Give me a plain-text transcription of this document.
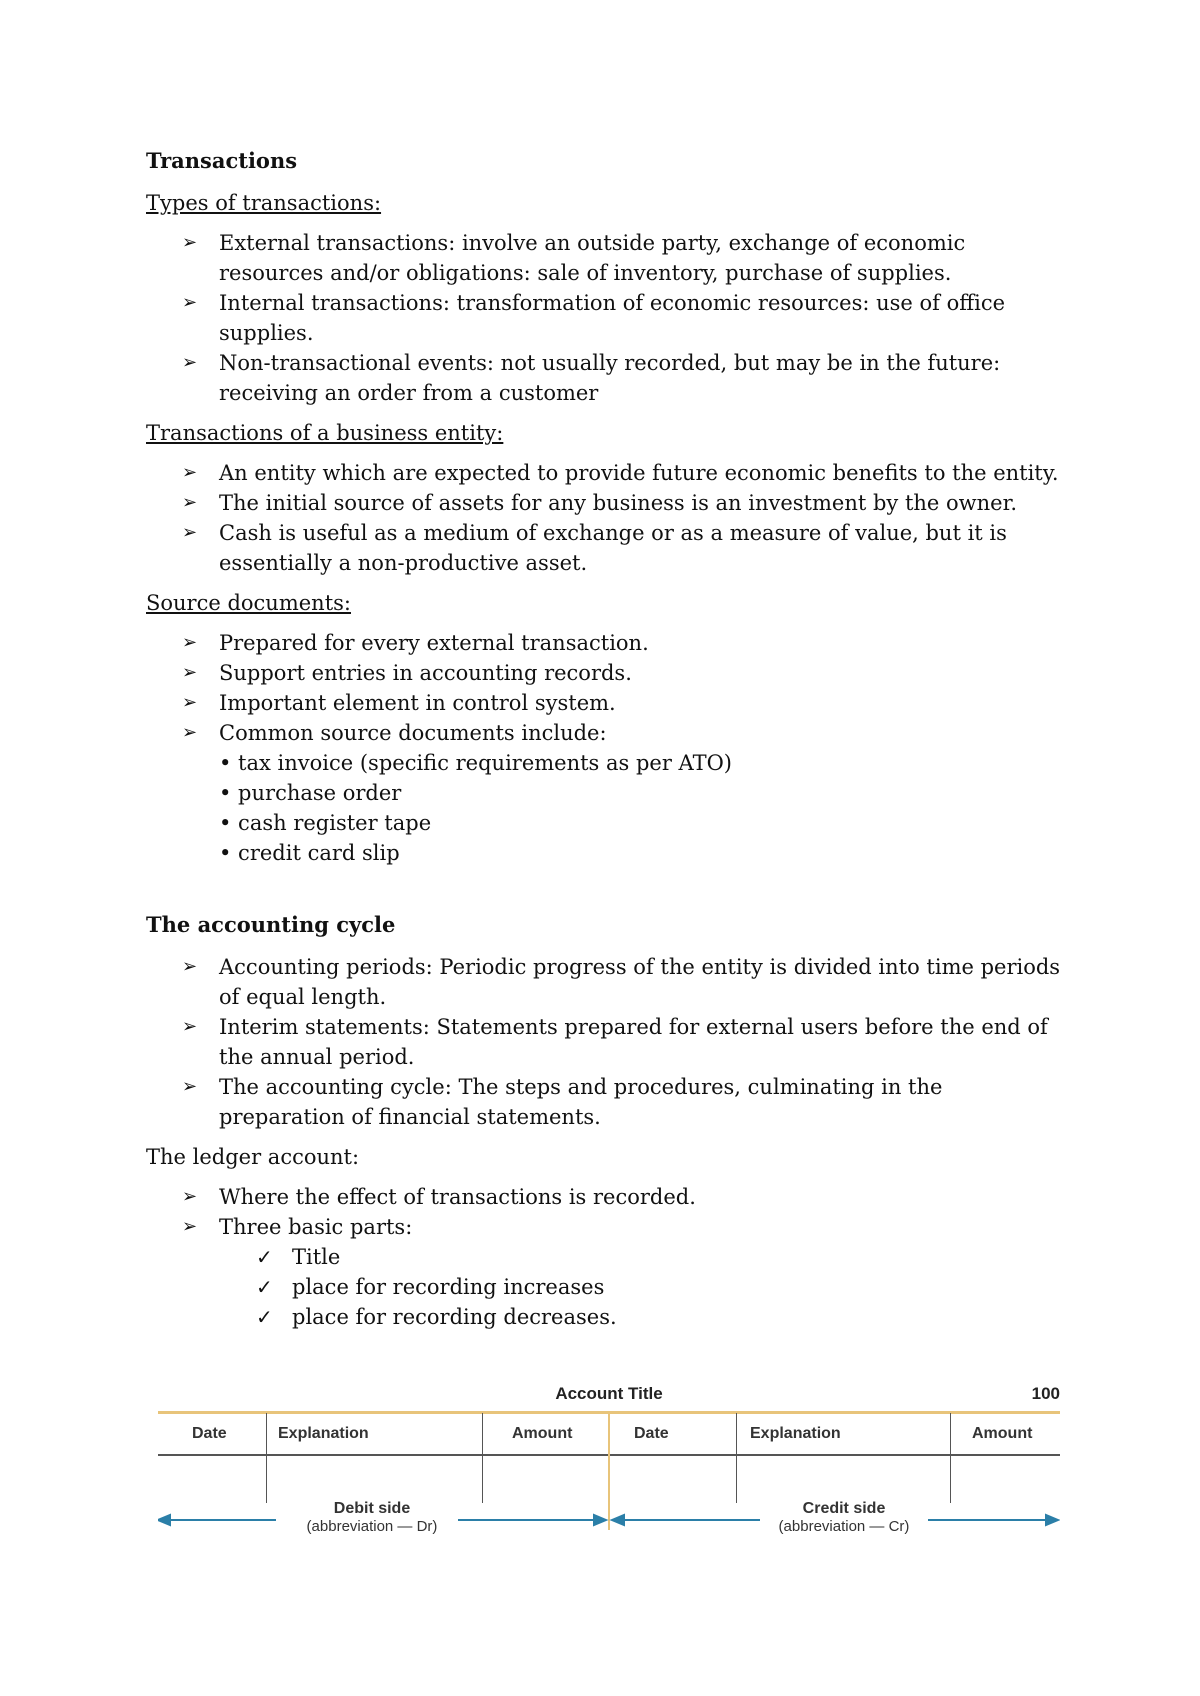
Transactions
Types of transactions:
➢ External transactions: involve an outside party, exchange of economic resources and/or obligations: sale of inventory, purchase of supplies.
➢ Internal transactions: transformation of economic resources: use of office supplies.
➢ Non-transactional events: not usually recorded, but may be in the future: receiving an order from a customer
Transactions of a business entity:
➢ An entity which are expected to provide future economic benefits to the entity.
➢ The initial source of assets for any business is an investment by the owner.
➢ Cash is useful as a medium of exchange or as a measure of value, but it is essentially a non-productive asset.
Source documents:
➢ Prepared for every external transaction.
➢ Support entries in accounting records.
➢ Important element in control system.
➢ Common source documents include:
• tax invoice (specific requirements as per ATO)
• purchase order
• cash register tape
• credit card slip
The accounting cycle
➢ Accounting periods: Periodic progress of the entity is divided into time periods of equal length.
➢ Interim statements: Statements prepared for external users before the end of the annual period.
➢ The accounting cycle: The steps and procedures, culminating in the preparation of financial statements.
The ledger account:
➢ Where the effect of transactions is recorded.
➢ Three basic parts:
✓ Title
✓ place for recording increases
✓ place for recording decreases.
Account Title	100
Date	Explanation	Amount	Date	Explanation	Amount
Debit side
(abbreviation — Dr)
Credit side
(abbreviation — Cr)
